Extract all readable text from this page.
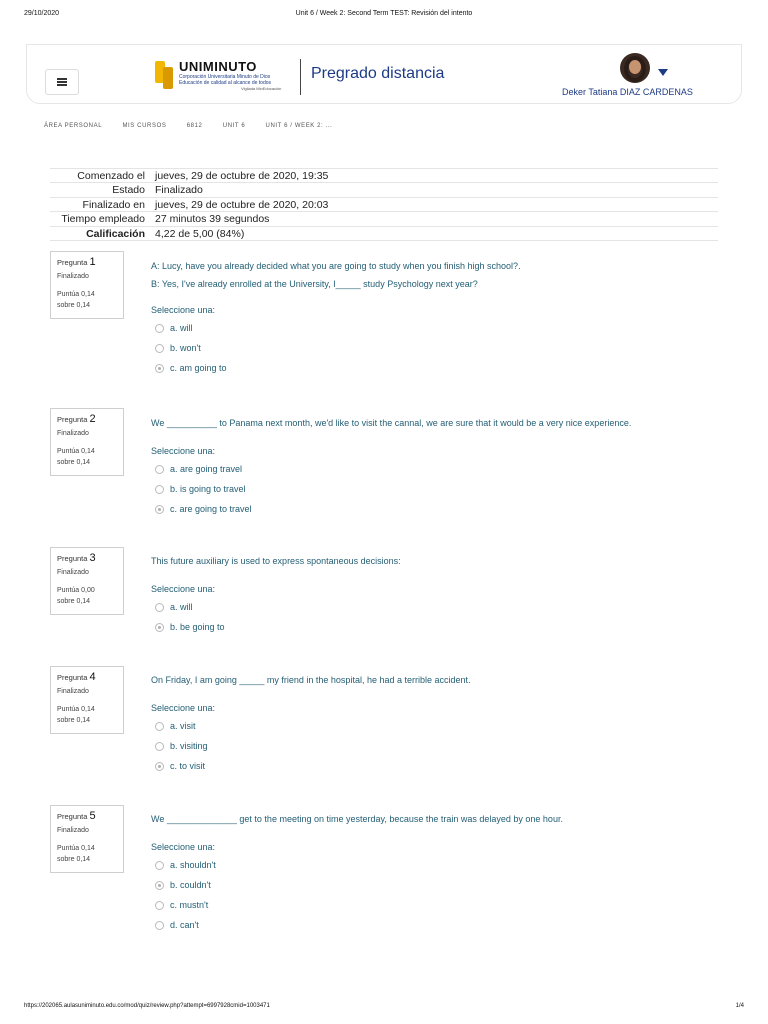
29/10/2020	Unit 6 / Week 2: Second Term TEST: Revisión del intento
UNIMINUTO
Corporación Universitaria Minuto de Dios
Educación de calidad al alcance de todos
Vigilada MinEducación
Pregrado distancia
Deker Tatiana DIAZ CARDENAS
ÁREA PERSONAL	MIS CURSOS	6812	UNIT 6	UNIT 6 / WEEK 2: ...
Comenzado el jueves, 29 de octubre de 2020, 19:35
Estado Finalizado
Finalizado en jueves, 29 de octubre de 2020, 20:03
Tiempo empleado 27 minutos 39 segundos
Calificación 4,22 de 5,00 (84%)
Pregunta 1
Finalizado
Puntúa 0,14
sobre 0,14
A: Lucy, have you already decided what you are going to study when you finish high school?.
B: Yes, I've already enrolled at the University, I_____ study Psychology next year?
Seleccione una:
a. will
b. won't
c. am going to
Pregunta 2
Finalizado
Puntúa 0,14
sobre 0,14
We __________ to Panama next month, we'd like to visit the cannal, we are sure that it would be a very nice experience.
Seleccione una:
a. are going travel
b. is going to travel
c. are going to travel
Pregunta 3
Finalizado
Puntúa 0,00
sobre 0,14
This future auxiliary is used to express spontaneous decisions:
Seleccione una:
a. will
b. be going to
Pregunta 4
Finalizado
Puntúa 0,14
sobre 0,14
On Friday, I am going _____ my friend in the hospital, he had a terrible accident.
Seleccione una:
a. visit
b. visiting
c. to visit
Pregunta 5
Finalizado
Puntúa 0,14
sobre 0,14
We ______________ get to the meeting on time yesterday, because the train was delayed by one hour.
Seleccione una:
a. shouldn't
b. couldn't
c. mustn't
d. can't
https://202065.aulasuniminuto.edu.co/mod/quiz/review.php?attempt=6997928cmid=1003471	1/4
